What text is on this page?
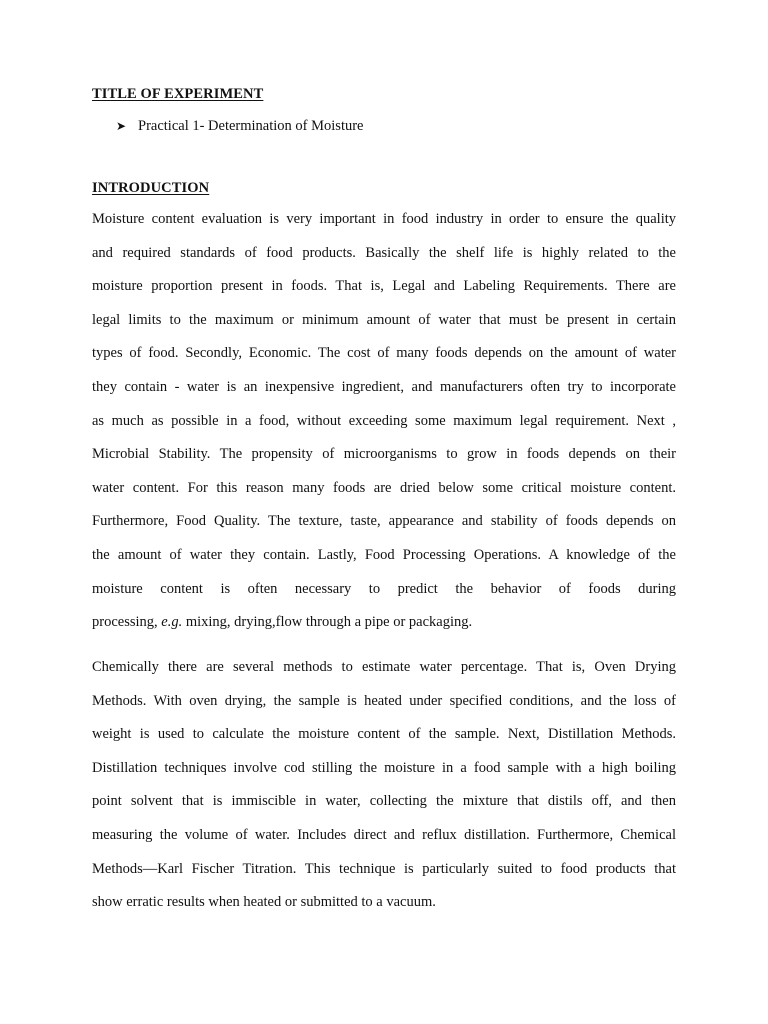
TITLE OF EXPERIMENT
➤ Practical 1- Determination of Moisture
INTRODUCTION

Moisture content evaluation is very important in food industry in order to ensure the quality
and required standards of food products. Basically the shelf life is highly related to the
moisture proportion present in foods. That is, Legal and Labeling Requirements. There are
legal limits to the maximum or minimum amount of water that must be present in certain
types of food. Secondly, Economic. The cost of many foods depends on the amount of water
they contain - water is an inexpensive ingredient, and manufacturers often try to incorporate
as much as possible in a food, without exceeding some maximum legal requirement. Next ,
Microbial Stability. The propensity of microorganisms to grow in foods depends on their
water content. For this reason many foods are dried below some critical moisture content.
Furthermore, Food Quality. The texture, taste, appearance and stability of foods depends on
the amount of water they contain. Lastly, Food Processing Operations. A knowledge of the
moisture content is often necessary to predict the behavior of foods during
processing, e.g. mixing, drying,flow through a pipe or packaging.

Chemically there are several methods to estimate water percentage. That is, Oven Drying
Methods. With oven drying, the sample is heated under specified conditions, and the loss of
weight is used to calculate the moisture content of the sample. Next, Distillation Methods.
Distillation techniques involve cod stilling the moisture in a food sample with a high boiling
point solvent that is immiscible in water, collecting the mixture that distils off, and then
measuring the volume of water. Includes direct and reflux distillation. Furthermore, Chemical
Methods—Karl Fischer Titration. This technique is particularly suited to food products that
show erratic results when heated or submitted to a vacuum.
